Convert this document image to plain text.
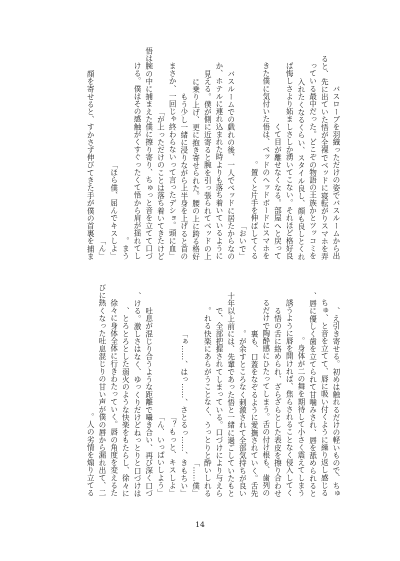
バスローブを羽織っただけの姿でバスルームから出
ると、先に出ていた悟が全裸でベッドに寝転がりスマホを弄
っている最中だった。どこぞの物語の王族かとツッコミを
入れたくなるくらい、スタイル良し、顔も良しとくれ
ば悔しさより妬ましさしか湧いてこない。それほど格好良
くて目が離せなくなる。部屋へと戻って
きた僕に気付いた悟は、ベッドのヘッドボードにスマホを
置くと片手を伸ばしてくる。
「おいで」
バスルームでの戯れの後、一人でベッドに居たからなの
か、ホテルに連れ込まれた時よりも落ち着いているように
見える。僕が側に近寄ると腕を引っ張られてベッドの上
に乗り上げ、更に抱き寄せられた。腰の上に跨る格好
もう少し一緒に浸りながら上半身を上げると首の
「まさか、一回じゃ終わらないって言ったデショ。頭に血
が上っただけのことは落ち着いてきたけど」
悟は腕の中に捕まえた僕に擦り寄り、ちゅっと音を立てて口づ
ける。僕はその感触がくすぐったくて悟から肩が揺れてし
まう。
「ほら僕、屈んでキスしよ」
「ん」
顔を寄せると、すかさず伸びてきた手が僕の首裏を捕ま
え引き寄せる。初めは触れるだけの軽いもので、ちゅ、
ちゅ、と音を立てて、唇に吸い付くように繰り返し感じる
唇に優しく歯を立てられて甘噛みされ、唇を舐められると、
身体が二の舞を期待して小さく震えてしまう。
誘うように唇を開ければ、焦らされることなく侵入してく
る悟の舌に絡められ、ざらざらとした表皮を擦り合わせ
るだけで陶酔感にひたってしまう。舌の付け根も、歯列の
裏も、口蓋をなぞるように愛撫されていく。舌先
が余すところなく刺激されて全部気持ちが良い。
十年以上前には、先輩であった悟と一緒に過ごしていたもと
で、全部把握されてしまっている。口づけにより与えら
れる快楽にあらがうことなく、うっとりと酔いしれる。
「僕……」
「ぁ……、はっ……、さとるっ……、きもちい」
「もっと、キスしよ？」
「ん、いっぱいしよう」
吐息が混じり合うような距離で囁き合い、再び深く口づ
ける。激しさはなく、ゆっくりだけどねっとりと口づけは、
とろとろとした弱火のような快楽をもたらし、徐々に、
徐々に身体全体に行きわたっていく。唇の角度を変えるた
びに熱くなった吐息混じりの甘い声が僕の唇から漏れ出て、二
人の劣情を煽り立てる。
14
